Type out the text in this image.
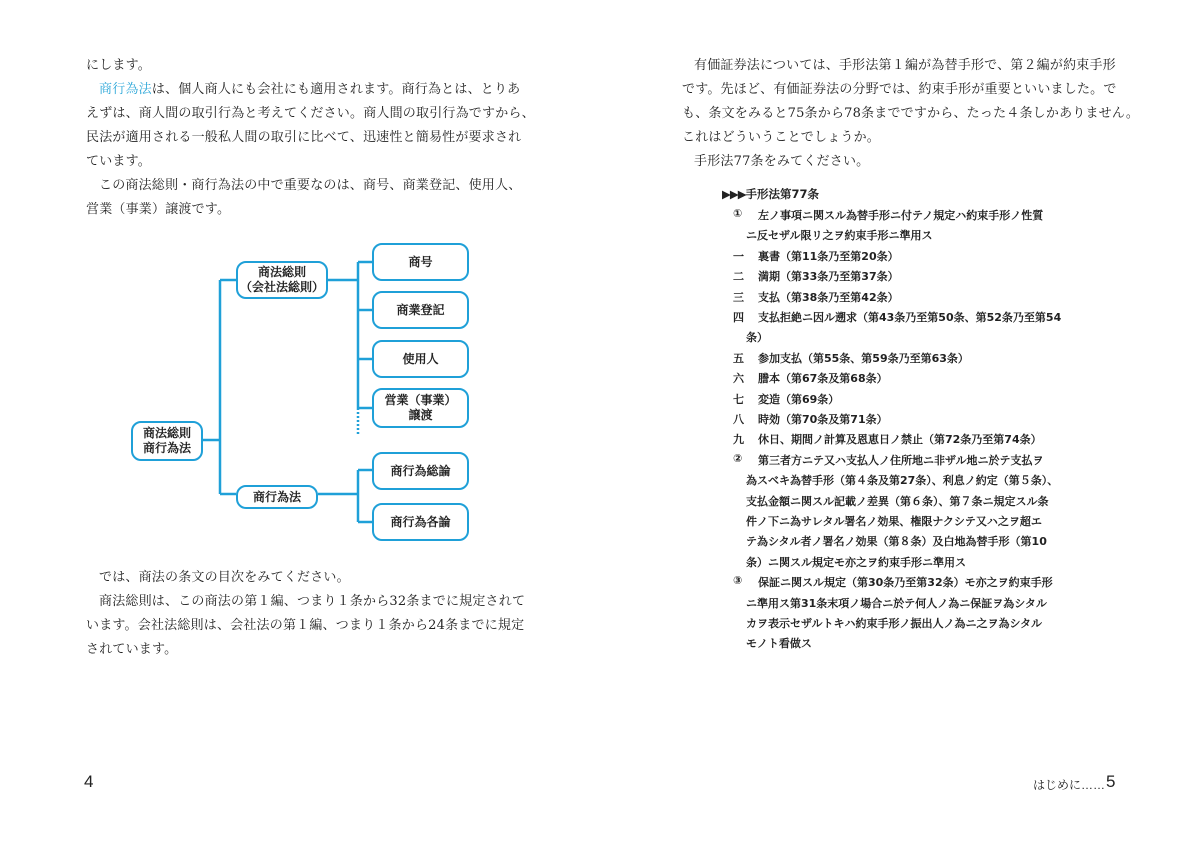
にします。

商行為法は、個人商人にも会社にも適用されます。商行為とは、とりあ

えずは、商人間の取引行為と考えてください。商人間の取引行為ですから、

民法が適用される一般私人間の取引に比べて、迅速性と簡易性が要求され

ています。

この商法総則・商行為法の中で重要なのは、商号、商業登記、使用人、

営業（事業）譲渡です。

商法総則
商行為法
商法総則
（会社法総則）
商行為法
商号
商業登記
使用人
営業（事業）
譲渡
商行為総論
商行為各論

では、商法の条文の目次をみてください。

商法総則は、この商法の第１編、つまり１条から32条までに規定されて

います。会社法総則は、会社法の第１編、つまり１条から24条までに規定

されています。

4

有価証券法については、手形法第１編が為替手形で、第２編が約束手形

です。先ほど、有価証券法の分野では、約束手形が重要といいました。で

も、条文をみると75条から78条までですから、たった４条しかありません。

これはどういうことでしょうか。

手形法77条をみてください。

▶▶▶手形法第77条
① 左ノ事項ニ関スル為替手形ニ付テノ規定ハ約束手形ノ性質
ニ反セザル限リ之ヲ約束手形ニ準用ス
一 裏書（第11条乃至第20条）
二 満期（第33条乃至第37条）
三 支払（第38条乃至第42条）
四 支払拒絶ニ因ル遡求（第43条乃至第50条、第52条乃至第54
条）
五 参加支払（第55条、第59条乃至第63条）
六 謄本（第67条及第68条）
七 変造（第69条）
八 時効（第70条及第71条）
九 休日、期間ノ計算及恩恵日ノ禁止（第72条乃至第74条）
② 第三者方ニテ又ハ支払人ノ住所地ニ非ザル地ニ於テ支払ヲ
為スベキ為替手形（第４条及第27条）、利息ノ約定（第５条）、
支払金額ニ関スル記載ノ差異（第６条）、第７条ニ規定スル条
件ノ下ニ為サレタル署名ノ効果、権限ナクシテ又ハ之ヲ超エ
テ為シタル者ノ署名ノ効果（第８条）及白地為替手形（第10
条）ニ関スル規定モ亦之ヲ約束手形ニ準用ス
③ 保証ニ関スル規定（第30条乃至第32条）モ亦之ヲ約束手形
ニ準用ス第31条末項ノ場合ニ於テ何人ノ為ニ保証ヲ為シタル
カヲ表示セザルトキハ約束手形ノ振出人ノ為ニ之ヲ為シタル
モノト看做ス
はじめに…… 5
